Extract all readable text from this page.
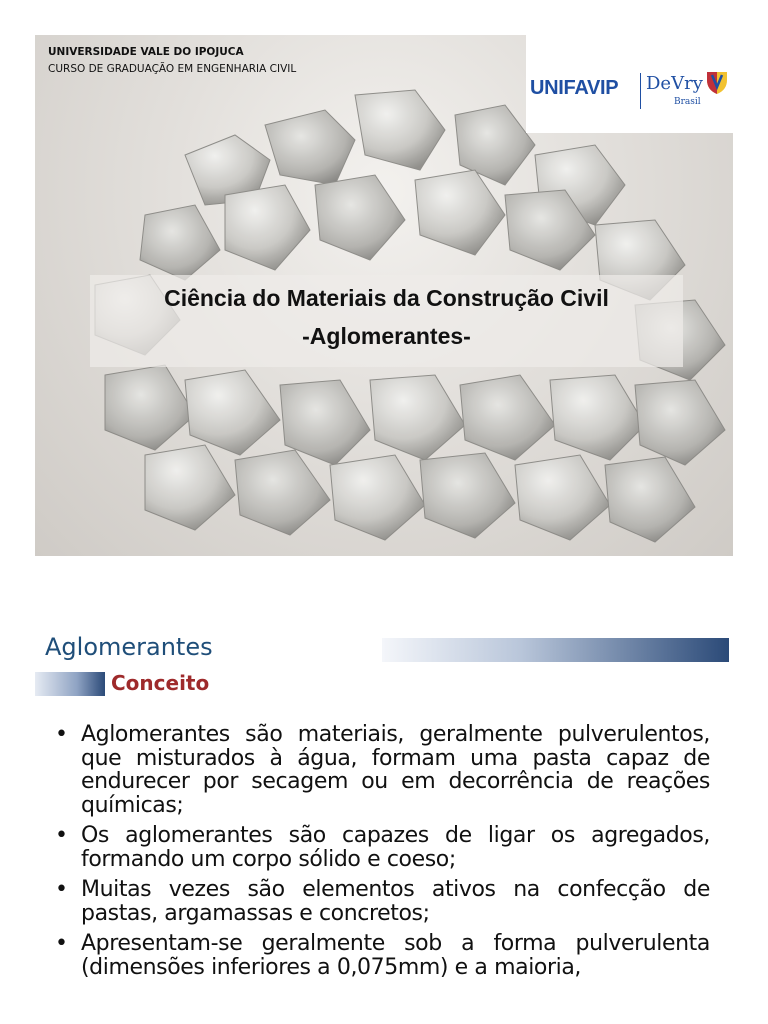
UNIVERSIDADE VALE DO IPOJUCA
CURSO DE GRADUAÇÃO EM ENGENHARIA CIVIL
UNIFAVIP DeVry
Brasil
Ciência do Materiais da Construção Civil
-Aglomerantes-
Aglomerantes
Conceito
• Aglomerantes são materiais, geralmente pulverulentos, que misturados à água, formam uma pasta capaz de endurecer por secagem ou em decorrência de reações químicas;
• Os aglomerantes são capazes de ligar os agregados, formando um corpo sólido e coeso;
• Muitas vezes são elementos ativos na confecção de pastas, argamassas e concretos;
• Apresentam-se geralmente sob a forma pulverulenta (dimensões inferiores a 0,075mm) e a maioria,
